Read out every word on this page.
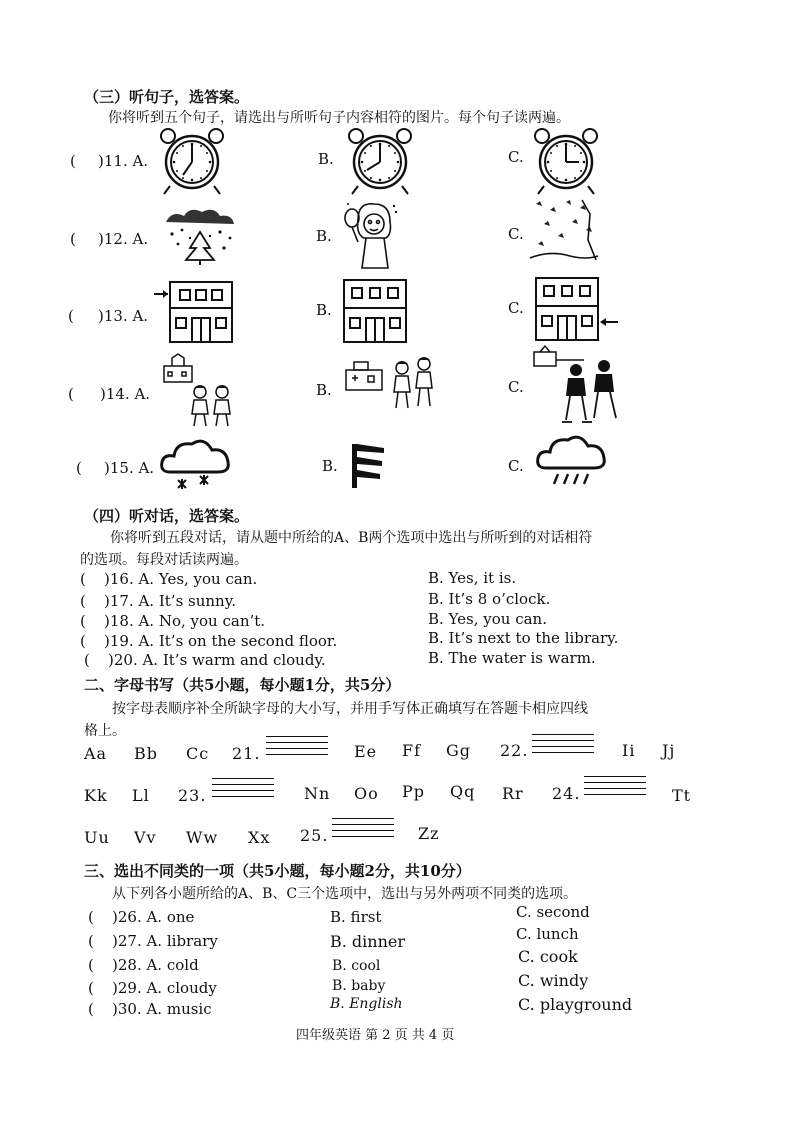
（三）听句子，选答案。
你将听到五个句子，请选出与所听句子内容相符的图片。每个句子读两遍。
( )11. A.	B.	C.
( )12. A.	B.	C.
( )13. A.	B.	C.
( )14. A.	B.	C.
( )15. A.	B.	C.
（四）听对话，选答案。
你将听到五段对话，请从题中所给的A、B两个选项中选出与所听到的对话相符
的选项。每段对话读两遍。
( )16. A. Yes, you can.	B. Yes, it is.
( )17. A. It’s sunny.	B. It’s 8 o’clock.
( )18. A. No, you can’t.	B. Yes, you can.
( )19. A. It’s on the second floor.	B. It’s next to the library.
( )20. A. It’s warm and cloudy.	B. The water is warm.
二、字母书写（共5小题，每小题1分，共5分）
按字母表顺序补全所缺字母的大小写，并用手写体正确填写在答题卡相应四线
格上。
Aa Bb Cc 21.	Ee Ff Gg 22.	Ii Jj
Kk Ll 23.	Nn Oo Pp Qq Rr 24.	Tt
Uu Vv Ww Xx 25.	Zz
三、选出不同类的一项（共5小题，每小题2分，共10分）
从下列各小题所给的A、B、C三个选项中，选出与另外两项不同类的选项。
( )26. A. one	B. first	C. second
( )27. A. library	B. dinner	C. lunch
( )28. A. cold	B. cool	C. cook
( )29. A. cloudy	B. baby	C. windy
( )30. A. music	B. English	C. playground
四年级英语 第 2 页 共 4 页
